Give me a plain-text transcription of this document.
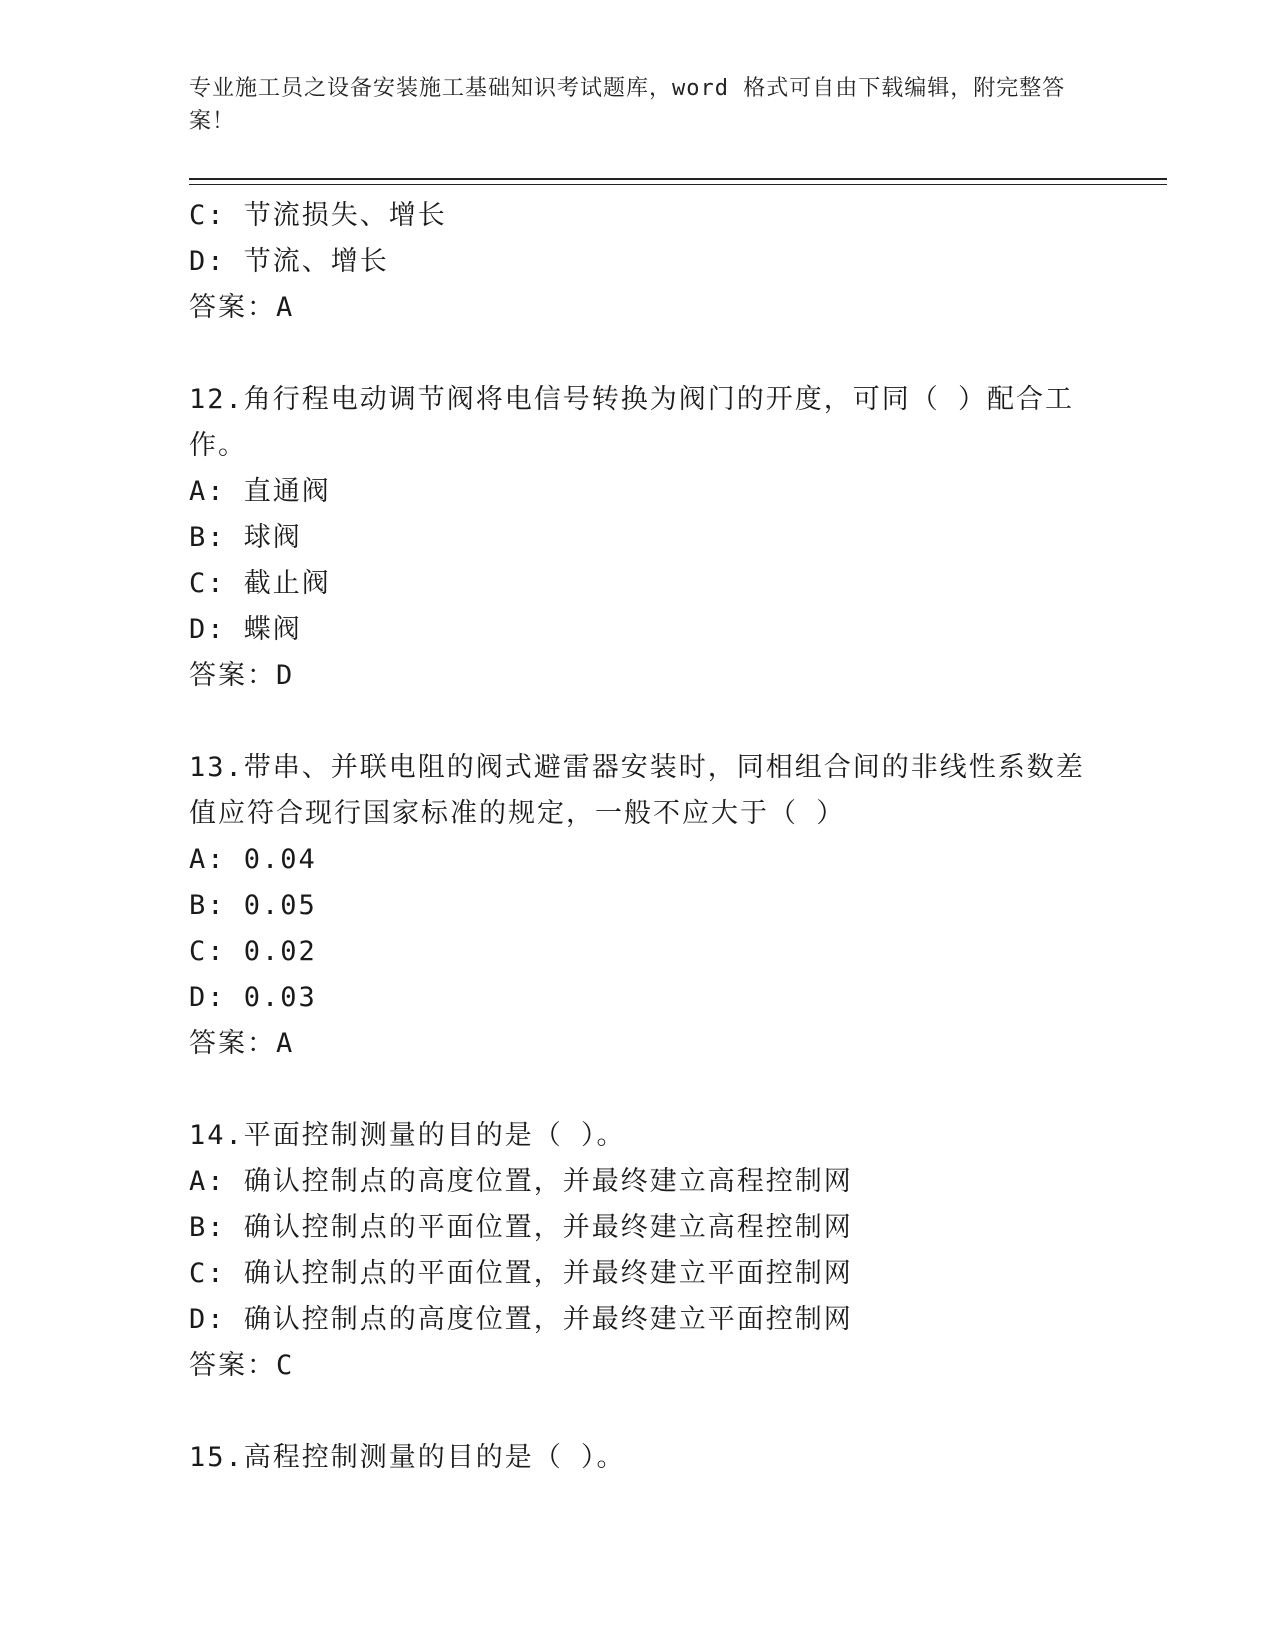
专业施工员之设备安装施工基础知识考试题库，word 格式可自由下载编辑，附完整答案！
C: 节流损失、增长
D: 节流、增长
答案：A
12.角行程电动调节阀将电信号转换为阀门的开度，可同（ ）配合工
作。
A: 直通阀
B: 球阀
C: 截止阀
D: 蝶阀
答案：D
13.带串、并联电阻的阀式避雷器安装时，同相组合间的非线性系数差
值应符合现行国家标准的规定，一般不应大于（ ）
A: 0.04
B: 0.05
C: 0.02
D: 0.03
答案：A
14.平面控制测量的目的是（ ）。
A: 确认控制点的高度位置，并最终建立高程控制网
B: 确认控制点的平面位置，并最终建立高程控制网
C: 确认控制点的平面位置，并最终建立平面控制网
D: 确认控制点的高度位置，并最终建立平面控制网
答案：C
15.高程控制测量的目的是（ ）。
